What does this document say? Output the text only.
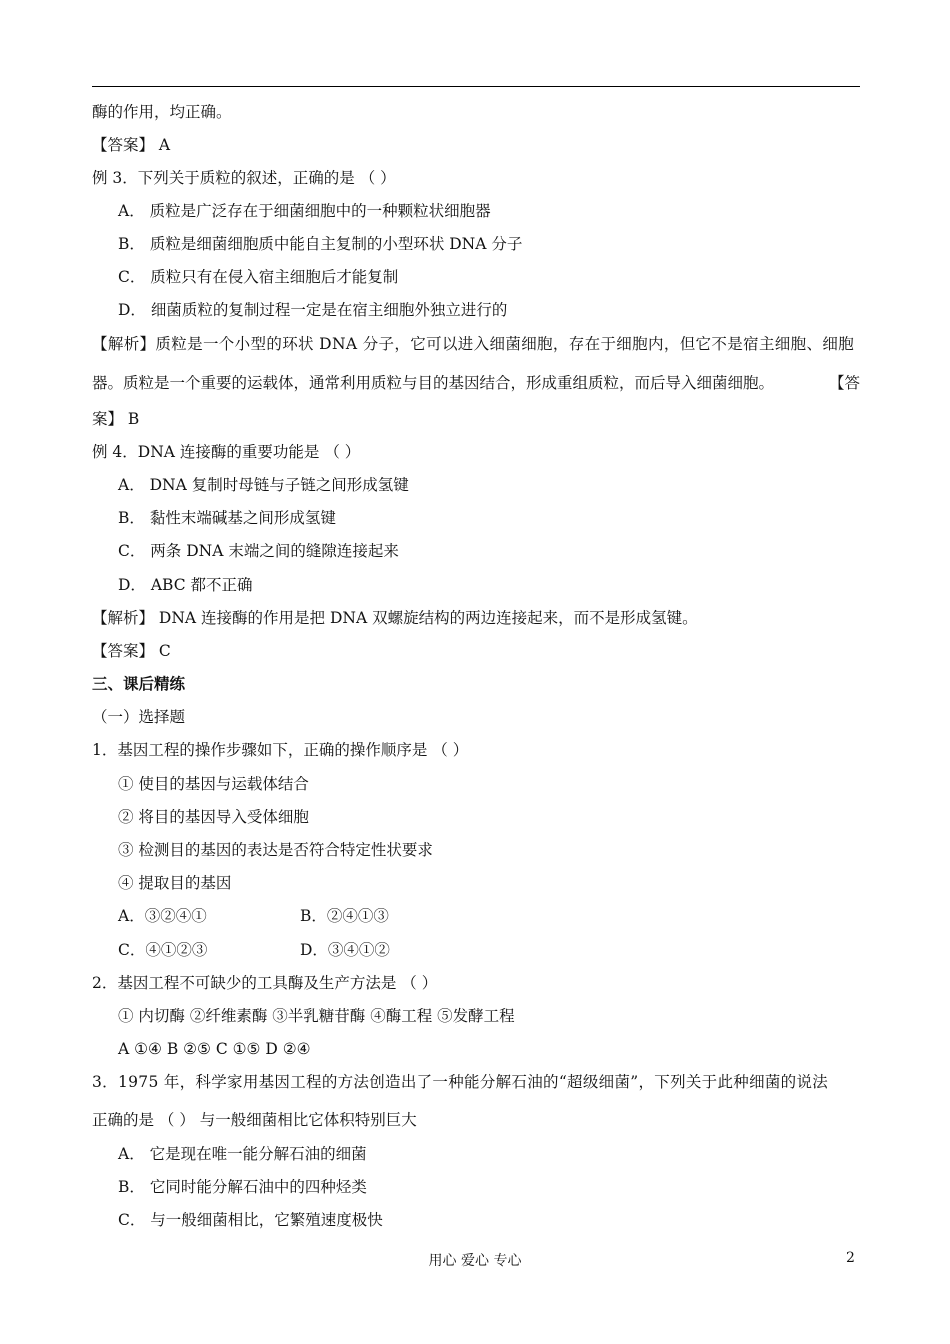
酶的作用，均正确。
【答案】 A
例 3．下列关于质粒的叙述，正确的是 （ ）
A． 质粒是广泛存在于细菌细胞中的一种颗粒状细胞器
B． 质粒是细菌细胞质中能自主复制的小型环状 DNA 分子
C． 质粒只有在侵入宿主细胞后才能复制
D． 细菌质粒的复制过程一定是在宿主细胞外独立进行的
【解析】质粒是一个小型的环状 DNA 分子，它可以进入细菌细胞，存在于细胞内，但它不是宿主细胞、细胞
器。质粒是一个重要的运载体，通常利用质粒与目的基因结合，形成重组质粒，而后导入细菌细胞。	【答
案】 B
例 4．DNA 连接酶的重要功能是 （ ）
A． DNA 复制时母链与子链之间形成氢键
B． 黏性末端碱基之间形成氢键
C． 两条 DNA 末端之间的缝隙连接起来
D． ABC 都不正确
【解析】 DNA 连接酶的作用是把 DNA 双螺旋结构的两边连接起来，而不是形成氢键。
【答案】 C
三、课后精练
（一）选择题
1．基因工程的操作步骤如下，正确的操作顺序是 （ ）
① 使目的基因与运载体结合
② 将目的基因导入受体细胞
③ 检测目的基因的表达是否符合特定性状要求
④ 提取目的基因
A．③②④①	B．②④①③
C．④①②③	D．③④①②
2．基因工程不可缺少的工具酶及生产方法是 （ ）
① 内切酶 ②纤维素酶 ③半乳糖苷酶 ④酶工程 ⑤发酵工程
A ①④ B ②⑤ C ①⑤ D ②④
3．1975 年，科学家用基因工程的方法创造出了一种能分解石油的“超级细菌”，下列关于此种细菌的说法
正确的是 （ ） 与一般细菌相比它体积特别巨大
A． 它是现在唯一能分解石油的细菌
B． 它同时能分解石油中的四种烃类
C． 与一般细菌相比，它繁殖速度极快
用心 爱心 专心	2
